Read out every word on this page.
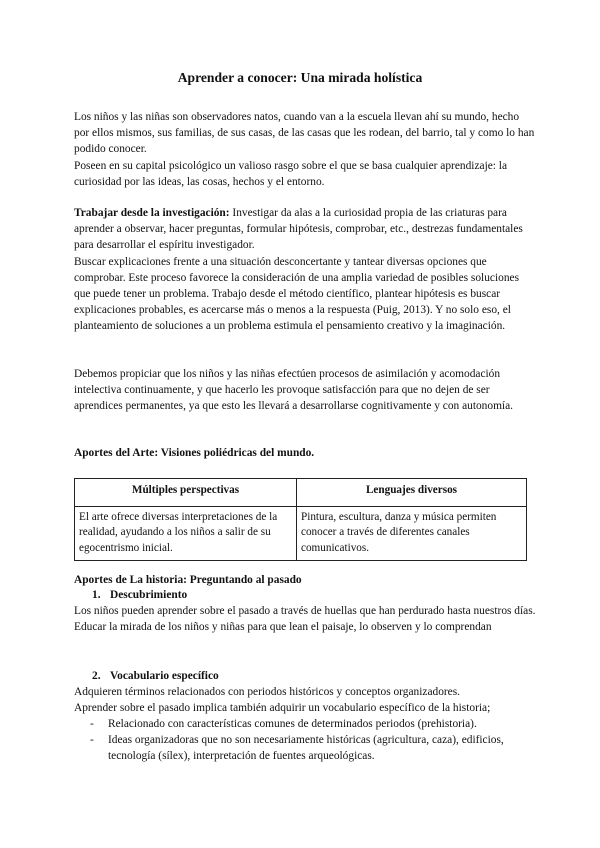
Aprender a conocer: Una mirada holística

Los niños y las niñas son observadores natos, cuando van a la escuela llevan ahí su mundo, hecho por ellos mismos, sus familias, de sus casas, de las casas que les rodean, del barrio, tal y como lo han podido conocer.

Poseen en su capital psicológico un valioso rasgo sobre el que se basa cualquier aprendizaje: la curiosidad por las ideas, las cosas, hechos y el entorno.

Trabajar desde la investigación: Investigar da alas a la curiosidad propia de las criaturas para aprender a observar, hacer preguntas, formular hipótesis, comprobar, etc., destrezas fundamentales para desarrollar el espíritu investigador.

Buscar explicaciones frente a una situación desconcertante y tantear diversas opciones que comprobar. Este proceso favorece la consideración de una amplia variedad de posibles soluciones que puede tener un problema. Trabajo desde el método científico, plantear hipótesis es buscar explicaciones probables, es acercarse más o menos a la respuesta (Puig, 2013). Y no solo eso, el planteamiento de soluciones a un problema estimula el pensamiento creativo y la imaginación.

Debemos propiciar que los niños y las niñas efectúen procesos de asimilación y acomodación intelectiva continuamente, y que hacerlo les provoque satisfacción para que no dejen de ser aprendices permanentes, ya que esto les llevará a desarrollarse cognitivamente y con autonomía.
Aportes del Arte: Visiones poliédricas del mundo.
Múltiples perspectivas	Lenguajes diversos
El arte ofrece diversas interpretaciones de la realidad, ayudando a los niños a salir de su egocentrismo inicial.	Pintura, escultura, danza y música permiten conocer a través de diferentes canales comunicativos.
Aportes de La historia: Preguntando al pasado
1. Descubrimiento
Los niños pueden aprender sobre el pasado a través de huellas que han perdurado hasta nuestros días. Educar la mirada de los niños y niñas para que lean el paisaje, lo observen y lo comprendan
2. Vocabulario específico

Adquieren términos relacionados con periodos históricos y conceptos organizadores.

Aprender sobre el pasado implica también adquirir un vocabulario específico de la historia;

- Relacionado con características comunes de determinados periodos (prehistoria).
- Ideas organizadoras que no son necesariamente históricas (agricultura, caza), edificios, tecnología (sílex), interpretación de fuentes arqueológicas.
